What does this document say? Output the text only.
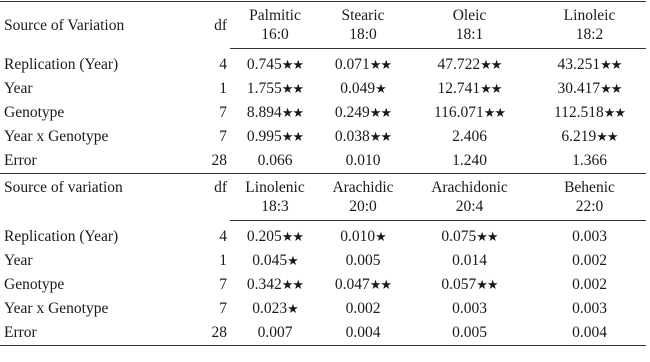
Source of Variation	df	Palmitic	Stearic	Oleic	Linoleic
		16:0	18:0	18:1	18:2

Replication (Year)	4	0.745★★	0.071★★	47.722★★	43.251★★
Year	1	1.755★★	0.049★	12.741★★	30.417★★
Genotype	7	8.894★★	0.249★★	116.071★★	112.518★★
Year x Genotype	7	0.995★★	0.038★★	2.406	6.219★★
Error	28	0.066	0.010	1.240	1.366
Source of variation	df	Linolenic	Arachidic	Arachidonic	Behenic
		18:3	20:0	20:4	22:0

Replication (Year)	4	0.205★★	0.010★	0.075★★	0.003
Year	1	0.045★	0.005	0.014	0.002
Genotype	7	0.342★★	0.047★★	0.057★★	0.002
Year x Genotype	7	0.023★	0.002	0.003	0.003
Error	28	0.007	0.004	0.005	0.004
